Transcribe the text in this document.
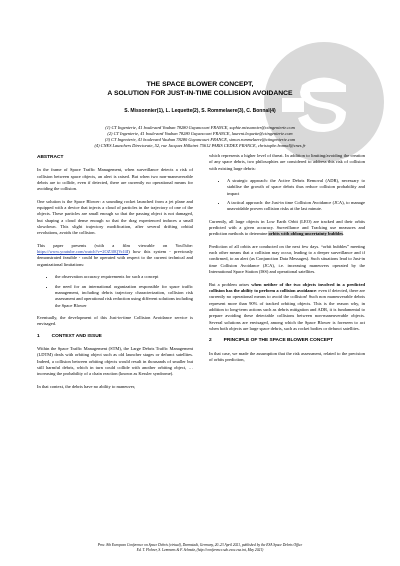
THE SPACE BLOWER CONCEPT,
A SOLUTION FOR JUST-IN-TIME COLLISION AVOIDANCE
S. Missonnier(1), L. Lequette(2), S. Rommelaere(3), C. Bonnal(4)
(1) CT Ingenierie, 41 boulevard Vauban 78280 Guyancourt FRANCE, sophie.missonnier@ctingenierie.com
(2) CT Ingenierie, 41 boulevard Vauban 78280 Guyancourt FRANCE, laurent.lequette@ctingenierie.com
(3) CT Ingenierie, 41 boulevard Vauban 78280 Guyancourt FRANCE, simon.rommelaere@ctingenierie.com
(4) CNES Launchers Directorate, 52, rue Jacques Hillairet 75612 PARIS CEDEX FRANCE, christophe.bonnal@cnes.fr
ABSTRACT

In the frame of Space Traffic Management, when surveillance detects a risk of collision between space objects, an alert is raised. But when two non-maneuverable debris are to collide, even if detected, there are currently no operational means for avoiding the collision.

One solution is the Space Blower: a sounding rocket launched from a jet plane and equipped with a device that injects a cloud of particles in the trajectory of one of the objects. These particles are small enough so that the passing object is not damaged, but shaping a cloud dense enough so that the drag experienced induces a small slowdown. This slight trajectory modification, after several drifting orbital revolutions, avoids the collision.

This paper presents (with a film viewable on YouTube: https://www.youtube.com/watch?v=2OZ30QVrJ4I) how this system - previously demonstrated feasible - could be operated with respect to the current technical and organizational limitations:

• the observation accuracy requirements for such a concept
• the need for an international organization responsible for space traffic management, including debris trajectory characterization, collision risk assessment and operational risk reduction using different solutions including the Space Blower

Eventually, the development of this Just-in-time Collision Avoidance service is envisaged.

1	CONTEXT AND ISSUE

Within the Space Traffic Management (STM), the Large Debris Traffic Management (LDTM) deals with orbiting object such as old launcher stages or defunct satellites. Indeed, a collision between orbiting objects would result in thousands of smaller but still harmful debris, which in turn could collide with another orbiting object, … increasing the probability of a chain reaction (known as Kessler syndrome).

In that context, the debris have no ability to maneuver,

which represents a higher level of threat. In addition to limiting/avoiding the creation of any space debris, two philosophies are considered to address this risk of collision with existing large debris:

• A strategic approach: the Active Debris Removal (ADR), necessary to stabilise the growth of space debris thus reduce collision probability and impact
• A tactical approach: the Just-in time Collision Avoidance (JCA), to manage unavoidable proven collision risks at the last minute.

Currently, all large objects in Low Earth Orbit (LEO) are tracked and their orbits predicted with a given accuracy. Surveillance and Tracking use measures and prediction methods to determine orbits with oblong uncertainty bubbles.

Prediction of all orbits are conducted on the next few days. “orbit bubbles” meeting each other means that a collision may occur, leading to a deeper surveillance and if confirmed, to an alert (as Conjunction Data Messages). Such situations lead to Just-in time Collision Avoidance (JCA), i.e. increasing maneuvers operated by the International Space Station (ISS) and operational satellites.

But a problem arises when neither of the two objects involved in a predicted collision has the ability to perform a collision avoidance: even if detected, there are currently no operational means to avoid the collision! Such non maneuverable debris represent more than 90% of tracked orbiting objects. This is the reason why, in addition to long-term actions such as debris mitigation and ADR, it is fundamental to prepare avoiding these detectable collisions between non-maneuverable objects. Several solutions are envisaged, among which the Space Blower is foreseen to act when both objects are large space debris, such as rocket bodies or defunct satellites.

2	PRINCIPLE OF THE SPACE BLOWER CONCEPT

In that case, we made the assumption that the risk assessment, related to the precision of orbits prediction,

Proc. 8th European Conference on Space Debris (virtual), Darmstadt, Germany, 20–23 April 2021, published by the ESA Space Debris Office
Ed. T. Flohrer, S. Lemmens & F. Schmitz, (http://conference.sdo.esoc.esa.int, May 2021)
